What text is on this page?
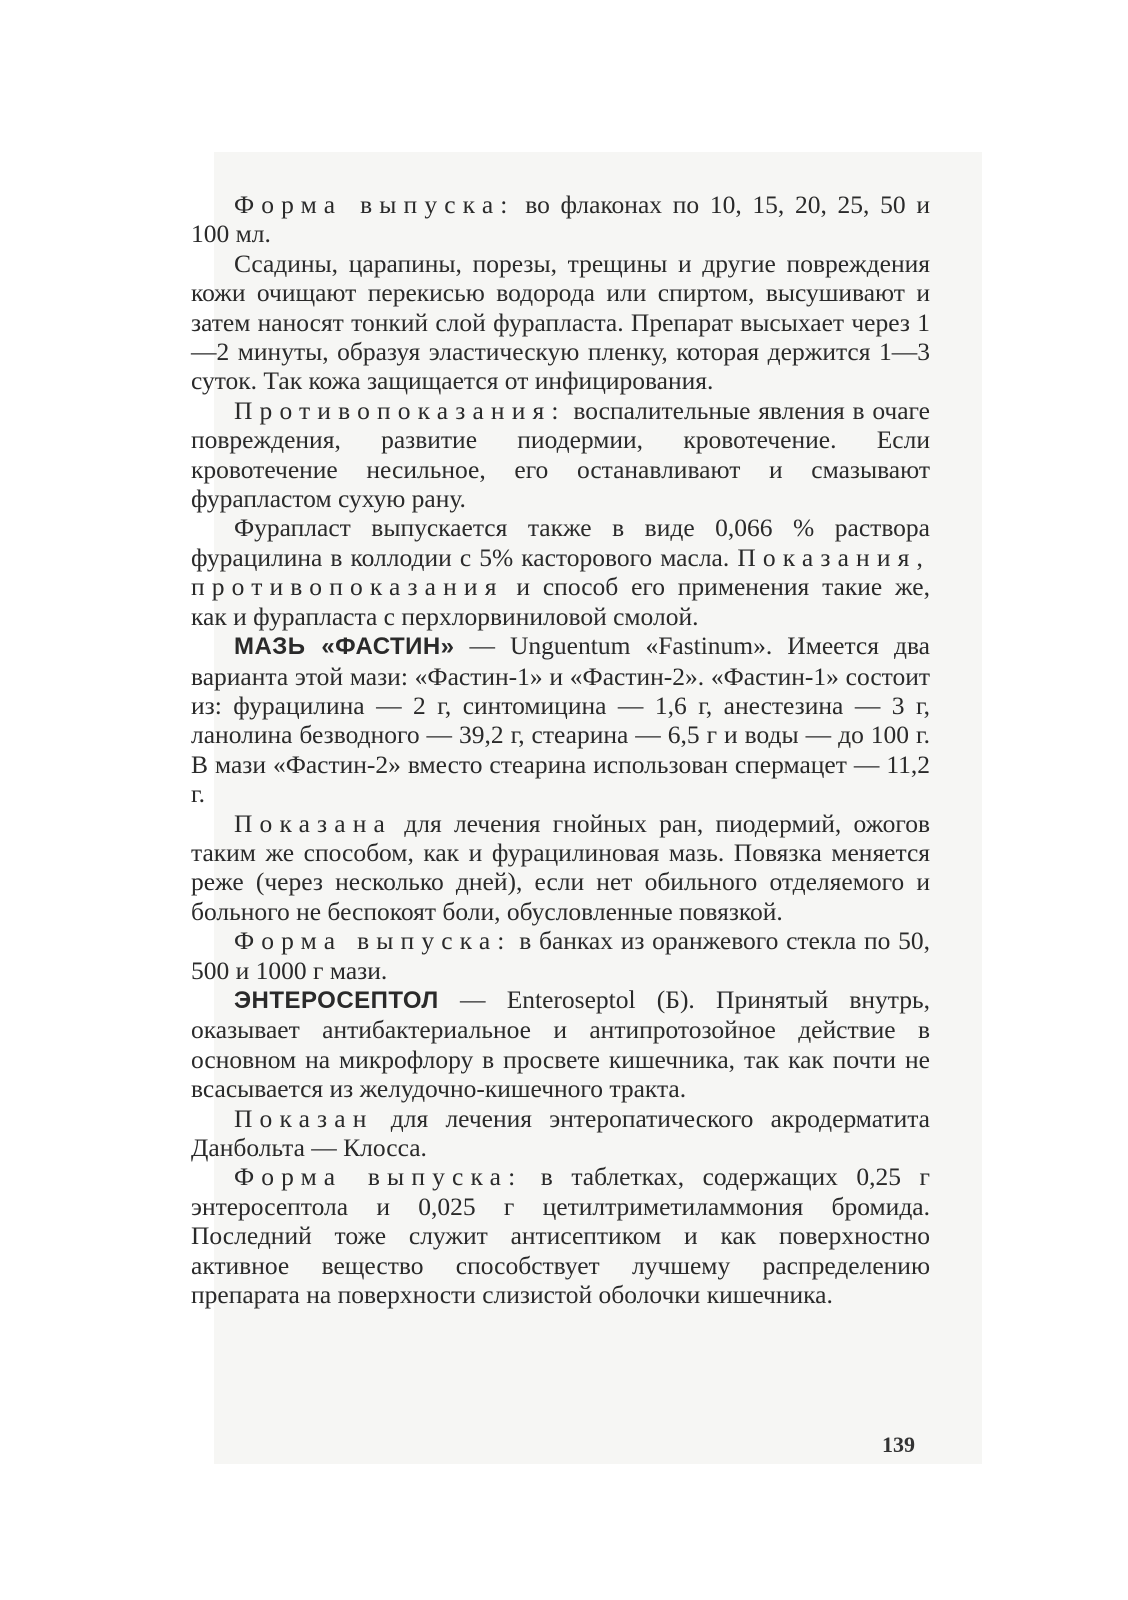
Форма выпуска: во флаконах по 10, 15, 20, 25, 50 и 100 мл.

Ссадины, царапины, порезы, трещины и другие повреждения кожи очищают перекисью водорода или спиртом, высушивают и затем наносят тонкий слой фурапласта. Препарат высыхает через 1—2 минуты, образуя эластическую пленку, которая держится 1—3 суток. Так кожа защищается от инфицирования.

Противопоказания: воспалительные явления в очаге повреждения, развитие пиодермии, кровотечение. Если кровотечение несильное, его останавливают и смазывают фурапластом сухую рану.

Фурапласт выпускается также в виде 0,066 % раствора фурацилина в коллодии с 5% касторового масла. Показания, противопоказания и способ его применения такие же, как и фурапласта с перхлорвиниловой смолой.

МАЗЬ «ФАСТИН» — Unguentum «Fastinum». Имеется два варианта этой мази: «Фастин-1» и «Фастин-2». «Фастин-1» состоит из: фурацилина — 2 г, синтомицина — 1,6 г, анестезина — 3 г, ланолина безводного — 39,2 г, стеарина — 6,5 г и воды — до 100 г. В мази «Фастин-2» вместо стеарина использован спермацет — 11,2 г.

Показана для лечения гнойных ран, пиодермий, ожогов таким же способом, как и фурацилиновая мазь. Повязка меняется реже (через несколько дней), если нет обильного отделяемого и больного не беспокоят боли, обусловленные повязкой.

Форма выпуска: в банках из оранжевого стекла по 50, 500 и 1000 г мази.

ЭНТЕРОСЕПТОЛ — Enteroseptol (Б). Принятый внутрь, оказывает антибактериальное и антипротозойное действие в основном на микрофлору в просвете кишечника, так как почти не всасывается из желудочно-кишечного тракта.

Показан для лечения энтеропатического акродерматита Данбольта — Клосса.

Форма выпуска: в таблетках, содержащих 0,25 г энтеросептола и 0,025 г цетилтриметиламмония бромида. Последний тоже служит антисептиком и как поверхностно активное вещество способствует лучшему распределению препарата на поверхности слизистой оболочки кишечника.

139
